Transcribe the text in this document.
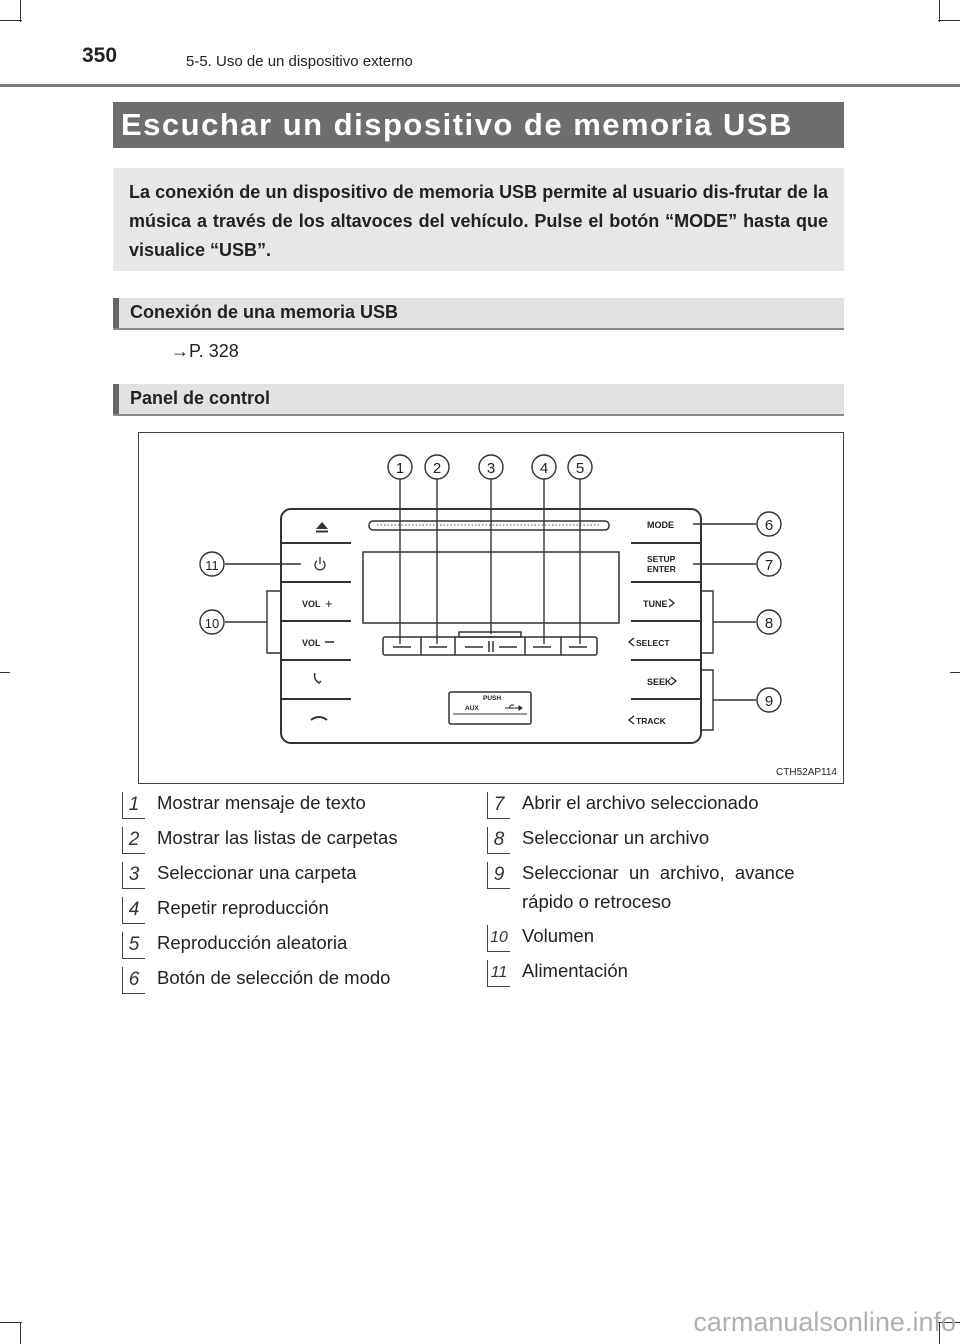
350	5-5. Uso de un dispositivo externo
Escuchar un dispositivo de memoria USB
La conexión de un dispositivo de memoria USB permite al usuario dis-frutar de la música a través de los altavoces del vehículo. Pulse el botón “MODE” hasta que visualice “USB”.
Conexión de una memoria USB
→P. 328
Panel de control
VOL +
VOL
MODE
SETUP
ENTER
TUNE
SELECT
SEEK
TRACK
PUSH
AUX
1 2	3	4 5
6
7
8
9
10
11
CTH52AP114
1 Mostrar mensaje de texto
2 Mostrar las listas de carpetas
3 Seleccionar una carpeta
4 Repetir reproducción
5 Reproducción aleatoria
6 Botón de selección de modo
7 Abrir el archivo seleccionado
8 Seleccionar un archivo
9 Seleccionar  un  archivo,  avance
rápido o retroceso
10 Volumen
11 Alimentación
carmanualsonline.info
